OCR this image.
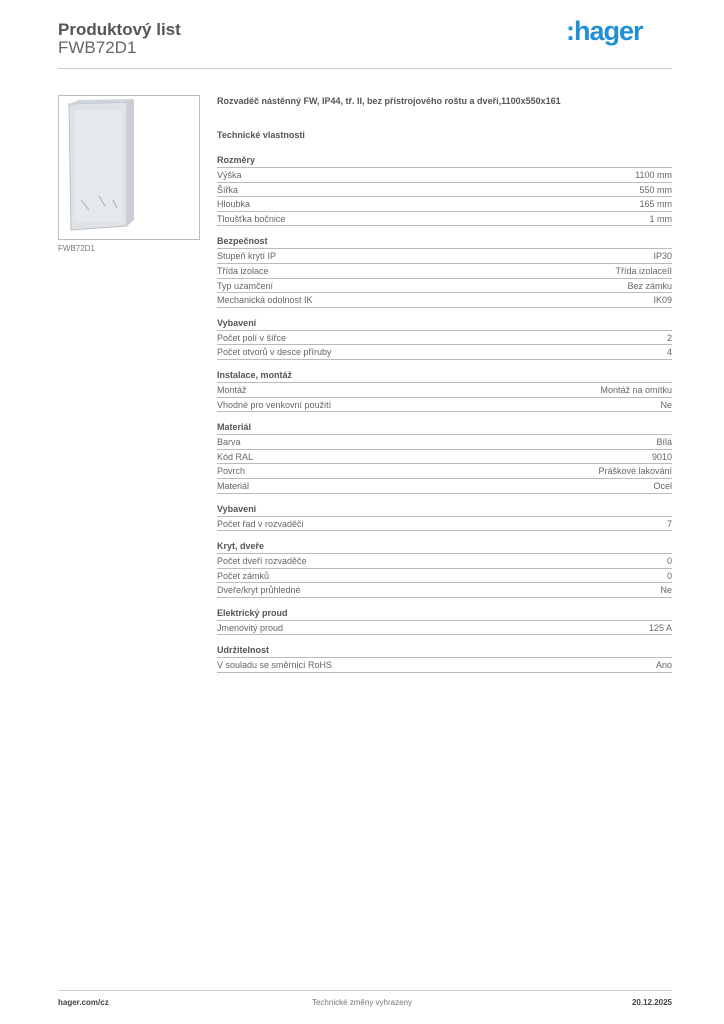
Produktový list
FWB72D1
:hager
FWB72D1
Rozvaděč nástěnný FW, IP44, tř. II, bez přístrojového roštu a dveří,1100x550x161
Technické vlastnosti
Rozměry
Výška	1100 mm
Šířka	550 mm
Hloubka	165 mm
Tloušťka bočnice	1 mm
Bezpečnost
Stupeň krytí IP	IP30
Třída izolace	Třída izolaceII
Typ uzamčení	Bez zámku
Mechanická odolnost IK	IK09
Vybavení
Počet polí v šířce	2
Počet otvorů v desce příruby	4
Instalace, montáž
Montáž	Montáž na omítku
Vhodné pro venkovní použití	Ne
Materiál
Barva	Bílá
Kód RAL	9010
Povrch	Práškové lakování
Materiál	Ocel
Vybavení
Počet řad v rozvaděči	7
Kryt, dveře
Počet dveří rozvaděče	0
Počet zámků	0
Dveře/kryt průhledné	Ne
Elektrický proud
Jmenovitý proud	125 A
Udržitelnost
V souladu se směrnicí RoHS	Ano
hager.com/cz	Technické změny vyhrazeny	20.12.2025
